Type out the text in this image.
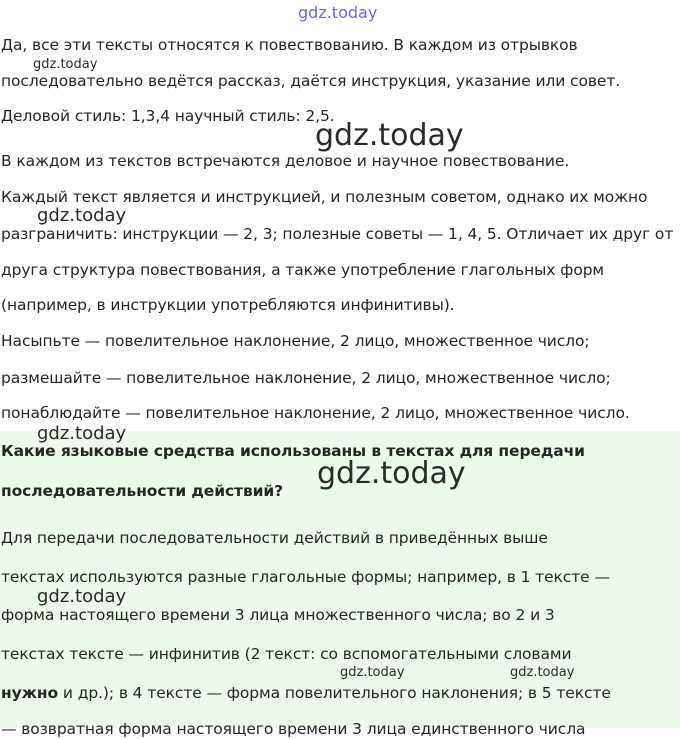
gdz.today
Да, все эти тексты относятся к повествованию. В каждом из отрывков
gdz.today
последовательно ведётся рассказ, даётся инструкция, указание или совет.
Деловой стиль: 1,3,4 научный стиль: 2,5.
gdz.today
В каждом из текстов встречаются деловое и научное повествование.
Каждый текст является и инструкцией, и полезным советом, однако их можно
gdz.today
разграничить: инструкции — 2, 3; полезные советы — 1, 4, 5. Отличает их друг от
друга структура повествования, а также употребление глагольных форм
(например, в инструкции употребляются инфинитивы).
Насыпьте — повелительное наклонение, 2 лицо, множественное число;
размешайте — повелительное наклонение, 2 лицо, множественное число;
понаблюдайте — повелительное наклонение, 2 лицо, множественное число.
gdz.today
Какие языковые средства использованы в текстах для передачи
gdz.today
последовательности действий?
Для передачи последовательности действий в приведённых выше
текстах используются разные глагольные формы; например, в 1 тексте —
gdz.today
форма настоящего времени 3 лица множественного числа; во 2 и 3
текстах тексте — инфинитив (2 текст: со вспомогательными словами
gdz.today	gdz.today
нужно и др.); в 4 тексте — форма повелительного наклонения; в 5 тексте
— возвратная форма настоящего времени 3 лица единственного числа
